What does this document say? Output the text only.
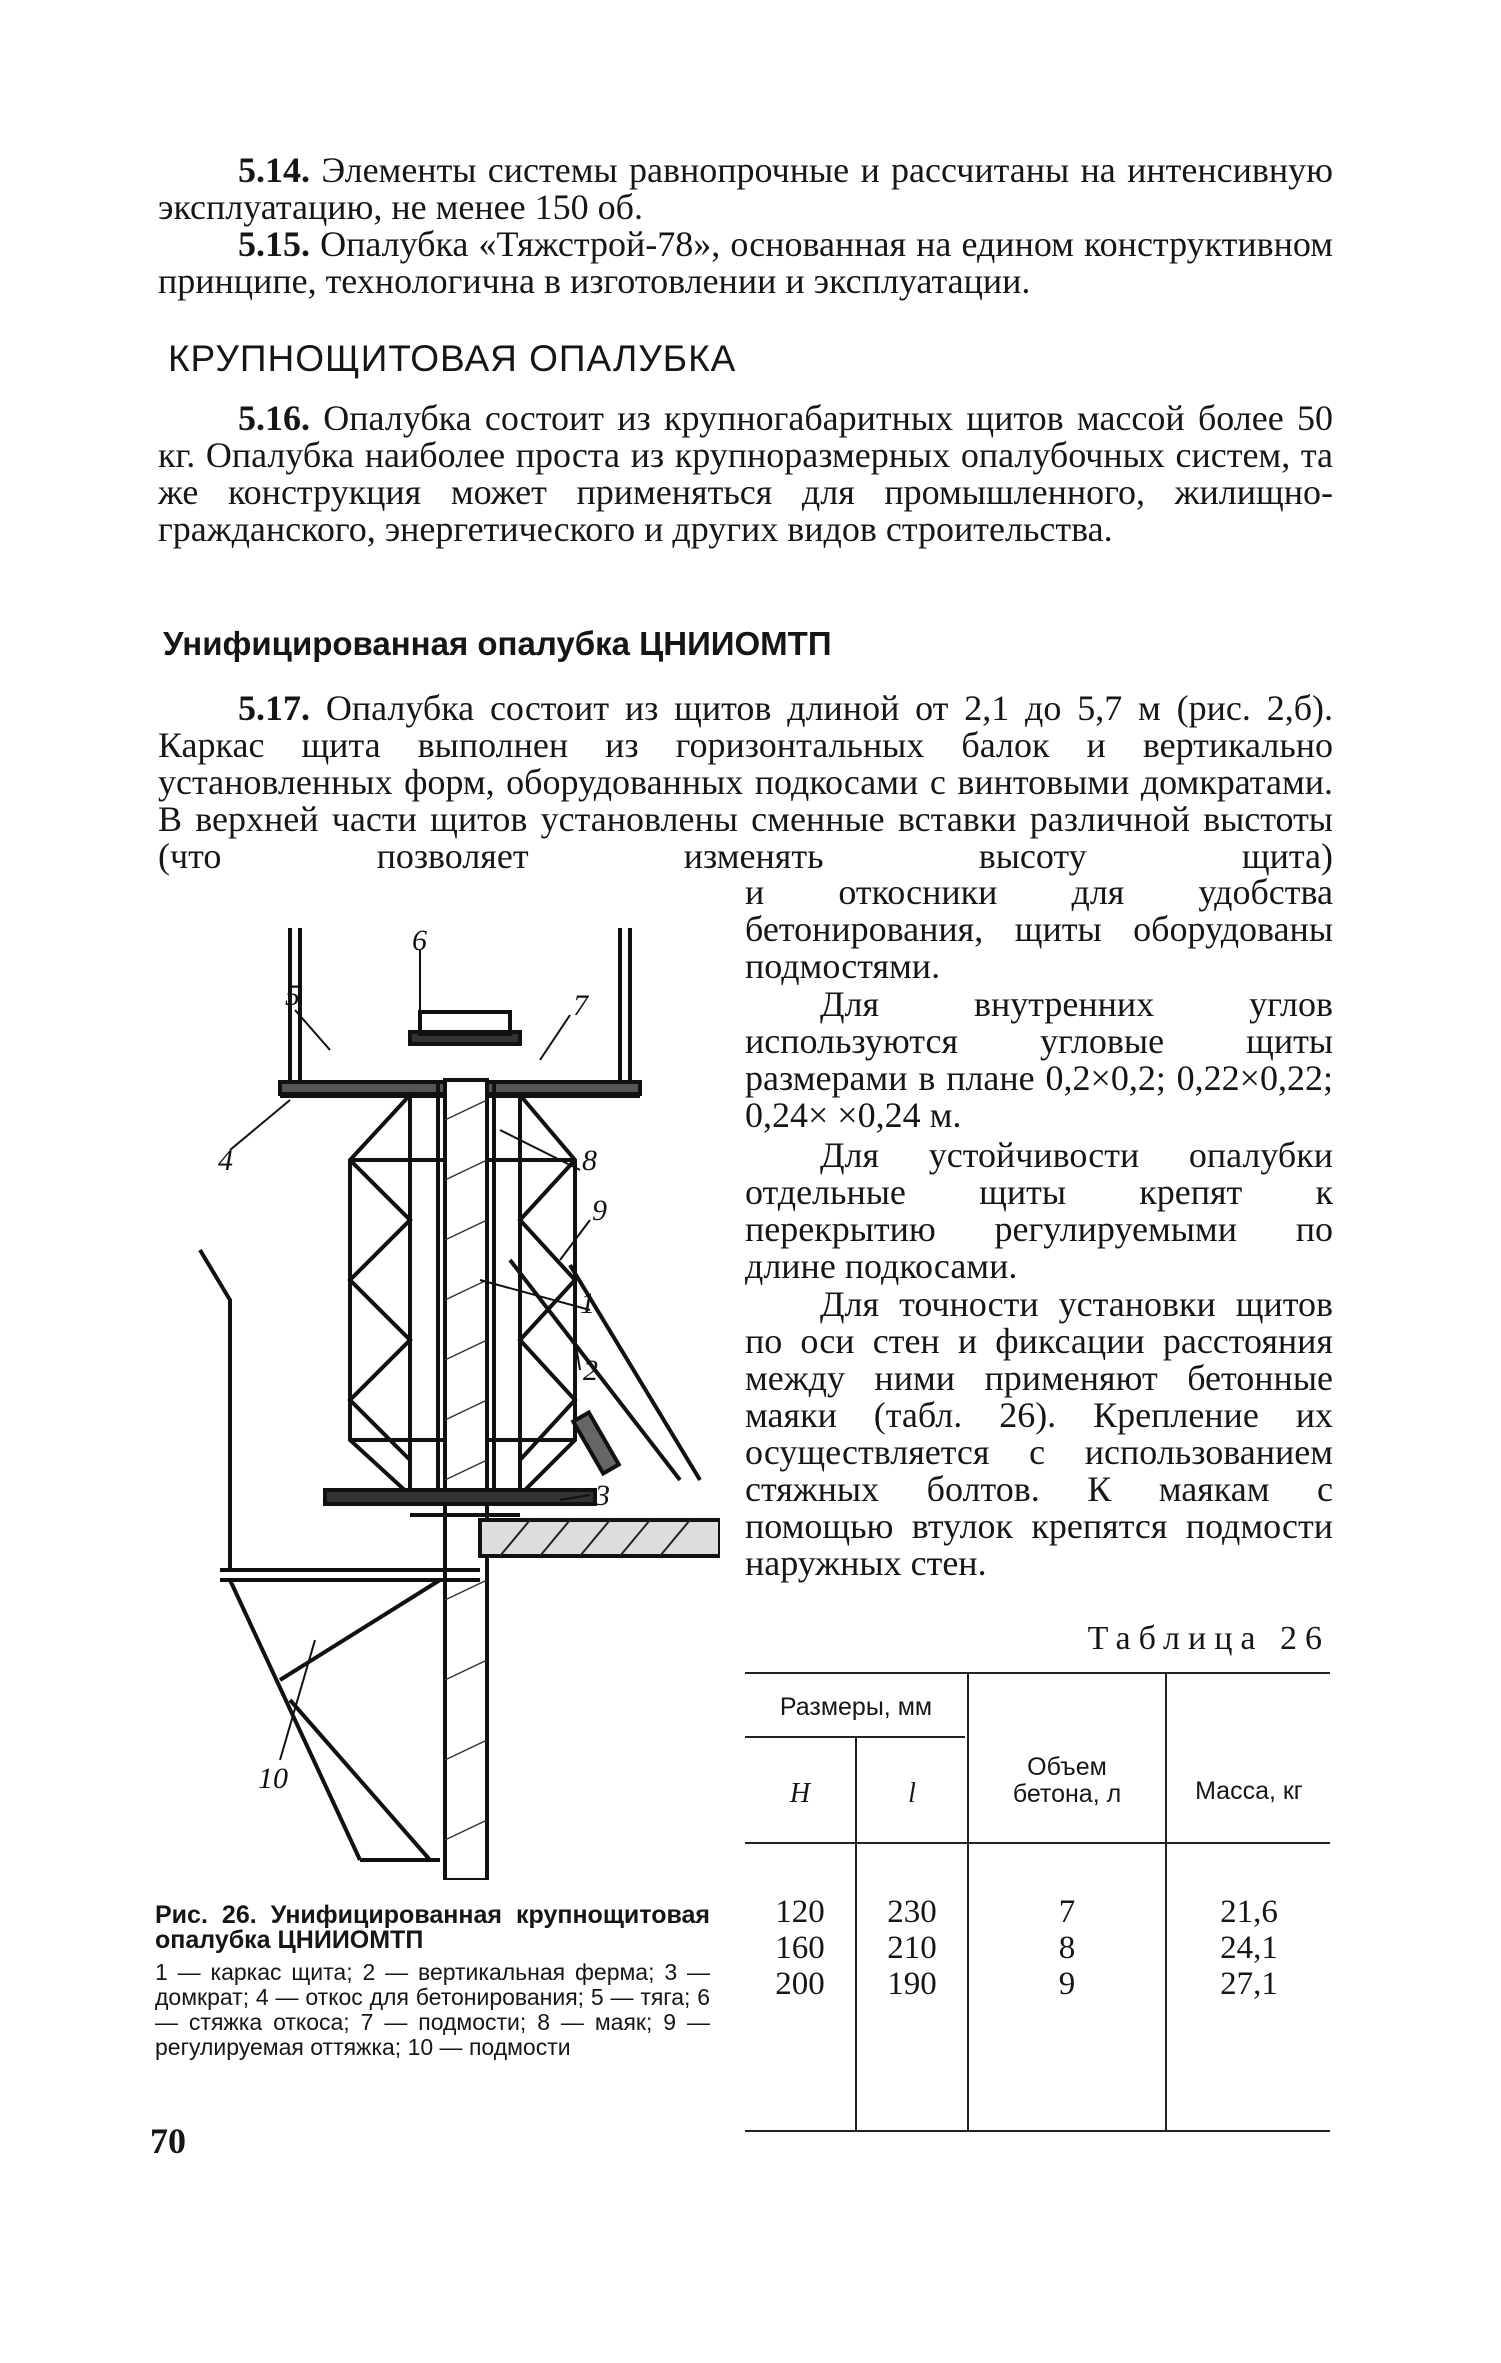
5.14. Элементы системы равнопрочные и рассчитаны на интенсивную эксплуатацию, не менее 150 об.

5.15. Опалубка «Тяжстрой-78», основанная на едином конструктивном принципе, технологична в изготовлении и эксплуатации.

КРУПНОЩИТОВАЯ ОПАЛУБКА

5.16. Опалубка состоит из крупногабаритных щитов массой более 50 кг. Опалубка наиболее проста из крупноразмерных опалубочных систем, та же конструкция может применяться для промышленного, жилищно-гражданского, энергетического и других видов строительства.

Унифицированная опалубка ЦНИИОМТП

5.17. Опалубка состоит из щитов длиной от 2,1 до 5,7 м (рис. 2,б). Каркас щита выполнен из горизонтальных балок и вертикально установленных форм, оборудованных подкосами с винтовыми домкратами. В верхней части щитов установлены сменные вставки различной выстоты (что позволяет изменять высоту щита)

и откосники для удобства бетонирования, щиты оборудованы подмостями.

Для внутренних углов используются угловые щиты размерами в плане 0,2×0,2; 0,22×0,22; 0,24× ×0,24 м.

Для устойчивости опалубки отдельные щиты крепят к перекрытию регулируемыми по длине подкосами.

Для точности установки щитов по оси стен и фиксации расстояния между ними применяют бетонные маяки (табл. 26). Крепление их осуществляется с использованием стяжных болтов. К маякам с помощью втулок крепятся подмости наружных стен.

1
2
3
4
5
6
7
8
9
10

Рис. 26. Унифицированная крупнощитовая опалубка ЦНИИОМТП

1 — каркас щита; 2 — вертикальная ферма; 3 — домкрат; 4 — откос для бетонирования; 5 — тяга; 6 — стяжка откоса; 7 — подмости; 8 — маяк; 9 — регулируемая оттяжка; 10 — подмости

Таблица 26

Размеры, мм
H	l
Объем бетона, л	Масса, кг
120
160
200
230
210
190
7
8
9
21,6
24,1
27,1

70
